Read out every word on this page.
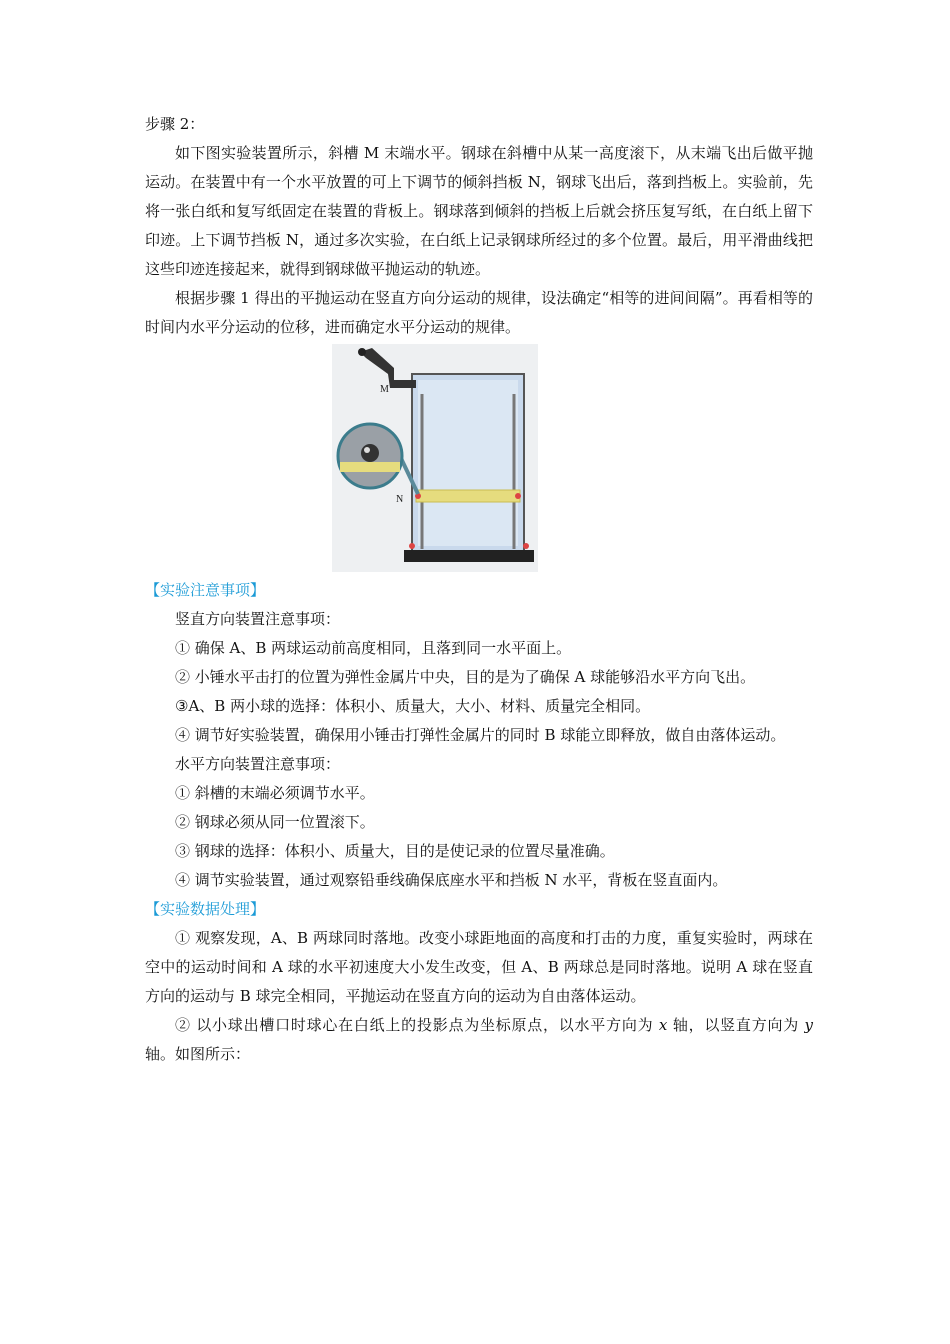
步骤 2：

如下图实验装置所示，斜槽 M 末端水平。钢球在斜槽中从某一高度滚下，从末端飞出后做平抛运动。在装置中有一个水平放置的可上下调节的倾斜挡板 N，钢球飞出后，落到挡板上。实验前，先将一张白纸和复写纸固定在装置的背板上。钢球落到倾斜的挡板上后就会挤压复写纸，在白纸上留下印迹。上下调节挡板 N，通过多次实验，在白纸上记录钢球所经过的多个位置。最后，用平滑曲线把这些印迹连接起来，就得到钢球做平抛运动的轨迹。

根据步骤 1 得出的平抛运动在竖直方向分运动的规律，设法确定“相等的进间间隔”。再看相等的时间内水平分运动的位移，进而确定水平分运动的规律。

M
N

【实验注意事项】

竖直方向装置注意事项：

① 确保 A、B 两球运动前高度相同，且落到同一水平面上。

② 小锤水平击打的位置为弹性金属片中央，目的是为了确保 A 球能够沿水平方向飞出。

③A、B 两小球的选择：体积小、质量大，大小、材料、质量完全相同。

④ 调节好实验装置，确保用小锤击打弹性金属片的同时 B 球能立即释放，做自由落体运动。

水平方向装置注意事项：

① 斜槽的末端必须调节水平。

② 钢球必须从同一位置滚下。

③ 钢球的选择：体积小、质量大，目的是使记录的位置尽量准确。

④ 调节实验装置，通过观察铅垂线确保底座水平和挡板 N 水平，背板在竖直面内。

【实验数据处理】

① 观察发现，A、B 两球同时落地。改变小球距地面的高度和打击的力度，重复实验时，两球在空中的运动时间和 A 球的水平初速度大小发生改变，但 A、B 两球总是同时落地。说明 A 球在竖直方向的运动与 B 球完全相同，平抛运动在竖直方向的运动为自由落体运动。

② 以小球出槽口时球心在白纸上的投影点为坐标原点，以水平方向为 x 轴，以竖直方向为 y 轴。如图所示：
